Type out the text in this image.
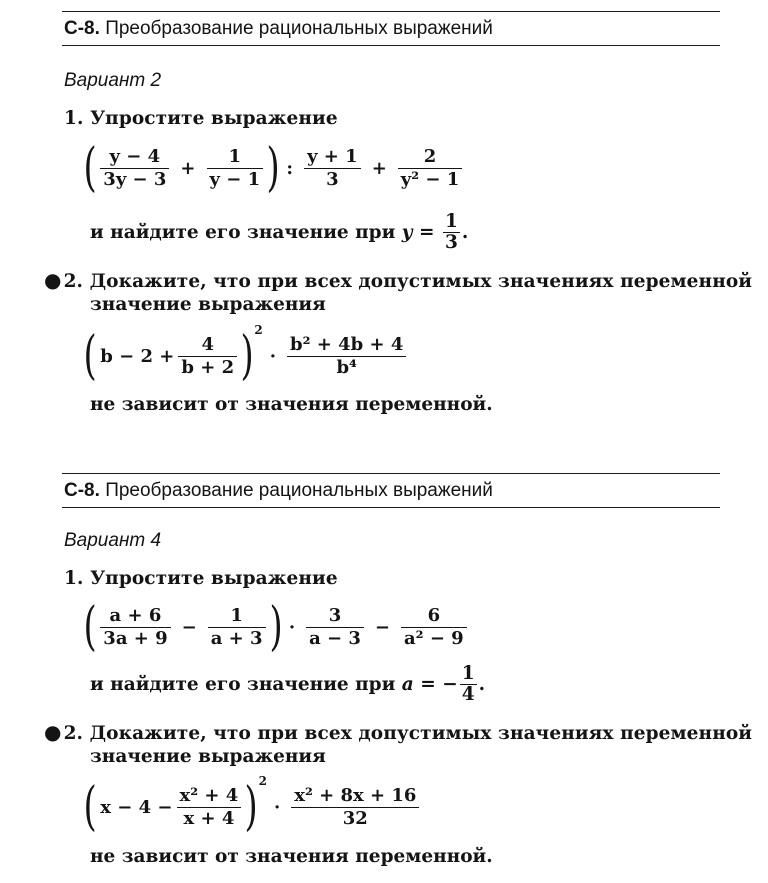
С-8. Преобразование рациональных выражений
Вариант 2
1. Упростите выражение
( $\frac{y - 4}{3y - 3} + \frac{1}{y - 1}$ ) : $\frac{y + 1}{3} + \frac{2}{\text{y² − 1}}$
и найдите его значение при
y
=
$\frac{1}{3}$ .
● 2. Докажите, что при всех допустимых значениях переменной
значение выражения
( $b - 2 + \frac{4}{b + 2}$ ) 2
· $\frac{\text{b² + 4b + 4}}{\text{b⁴}}$
не зависит от значения переменной.
С-8. Преобразование рациональных выражений
Вариант 4
1. Упростите выражение
( $\frac{a + 6}{3a + 9} - \frac{1}{a + 3}$ ) · $\frac{3}{a - 3} - \frac{6}{\text{a² − 9}}$
и найдите его значение при
a
= − $\frac{1}{4}$ .
● 2. Докажите, что при всех допустимых значениях переменной
значение выражения
( $x - 4 - \frac{\text{x² + 4}}{x + 4}$ ) 2
· $\frac{\text{x² + 8x + 16}}{32}$
не зависит от значения переменной.
